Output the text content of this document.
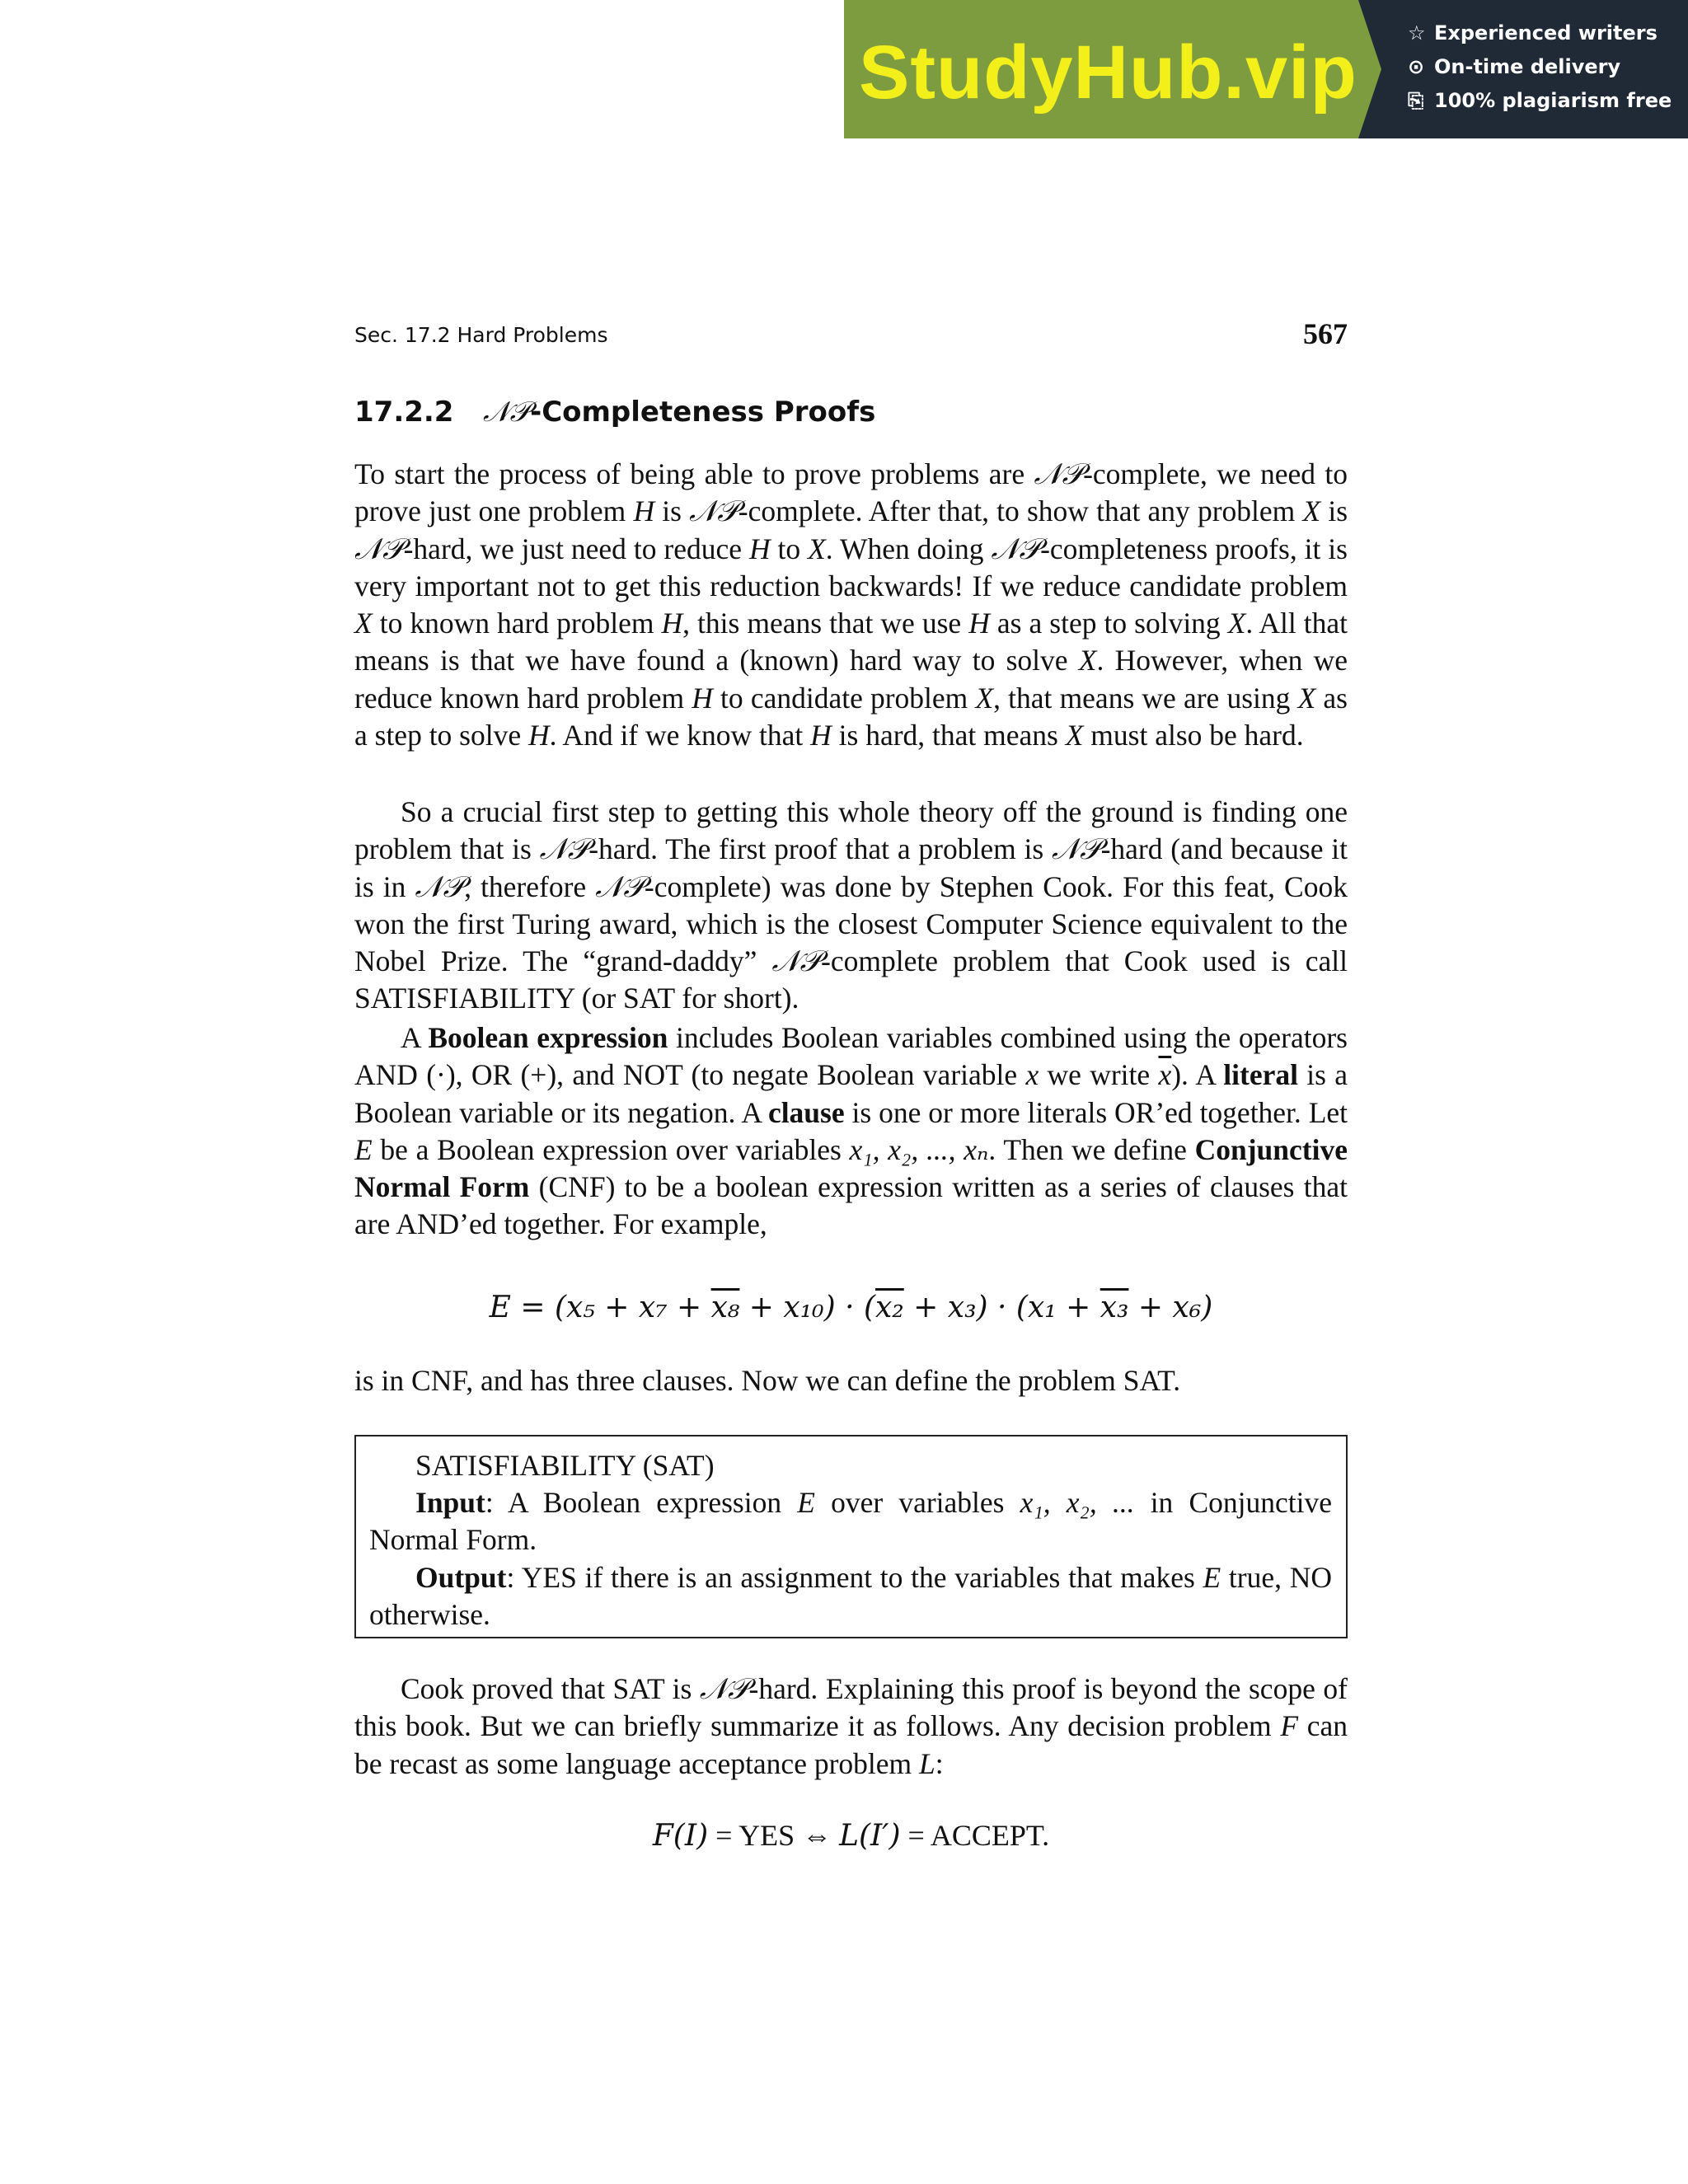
StudyHub.vip	☆ Experienced writers
⊙ On-time delivery
⎘ 100% plagiarism free
Sec. 17.2 Hard Problems	567
17.2.2 𝒩𝒫-Completeness Proofs

To start the process of being able to prove problems are 𝒩𝒫-complete, we need to prove just one problem H is 𝒩𝒫-complete. After that, to show that any problem X is 𝒩𝒫-hard, we just need to reduce H to X. When doing 𝒩𝒫-completeness proofs, it is very important not to get this reduction backwards! If we reduce candidate problem X to known hard problem H, this means that we use H as a step to solving X. All that means is that we have found a (known) hard way to solve X. However, when we reduce known hard problem H to candidate problem X, that means we are using X as a step to solve H. And if we know that H is hard, that means X must also be hard.

So a crucial first step to getting this whole theory off the ground is finding one problem that is 𝒩𝒫-hard. The first proof that a problem is 𝒩𝒫-hard (and because it is in 𝒩𝒫, therefore 𝒩𝒫-complete) was done by Stephen Cook. For this feat, Cook won the first Turing award, which is the closest Computer Science equivalent to the Nobel Prize. The “grand-daddy” 𝒩𝒫-complete problem that Cook used is call SATISFIABILITY (or SAT for short).

A Boolean expression includes Boolean variables combined using the operators AND (·), OR (+), and NOT (to negate Boolean variable x we write $\overline{x}$). A literal is a Boolean variable or its negation. A clause is one or more literals OR’ed together. Let E be a Boolean expression over variables x₁, x₂, ..., xₙ. Then we define Conjunctive Normal Form (CNF) to be a boolean expression written as a series of clauses that are AND’ed together. For example,

E = (x₅ + x₇ + x₈ + x₁₀) · (x₂ + x₃) · (x₁ + x₃ + x₆)

is in CNF, and has three clauses. Now we can define the problem SAT.

SATISFIABILITY (SAT)

Input: A Boolean expression E over variables x₁, x₂, ... in Conjunctive Normal Form.

Output: YES if there is an assignment to the variables that makes E true, NO otherwise.

Cook proved that SAT is 𝒩𝒫-hard. Explaining this proof is beyond the scope of this book. But we can briefly summarize it as follows. Any decision problem F can be recast as some language acceptance problem L:

F(I) = YES ⇔ L(I′) = ACCEPT.
